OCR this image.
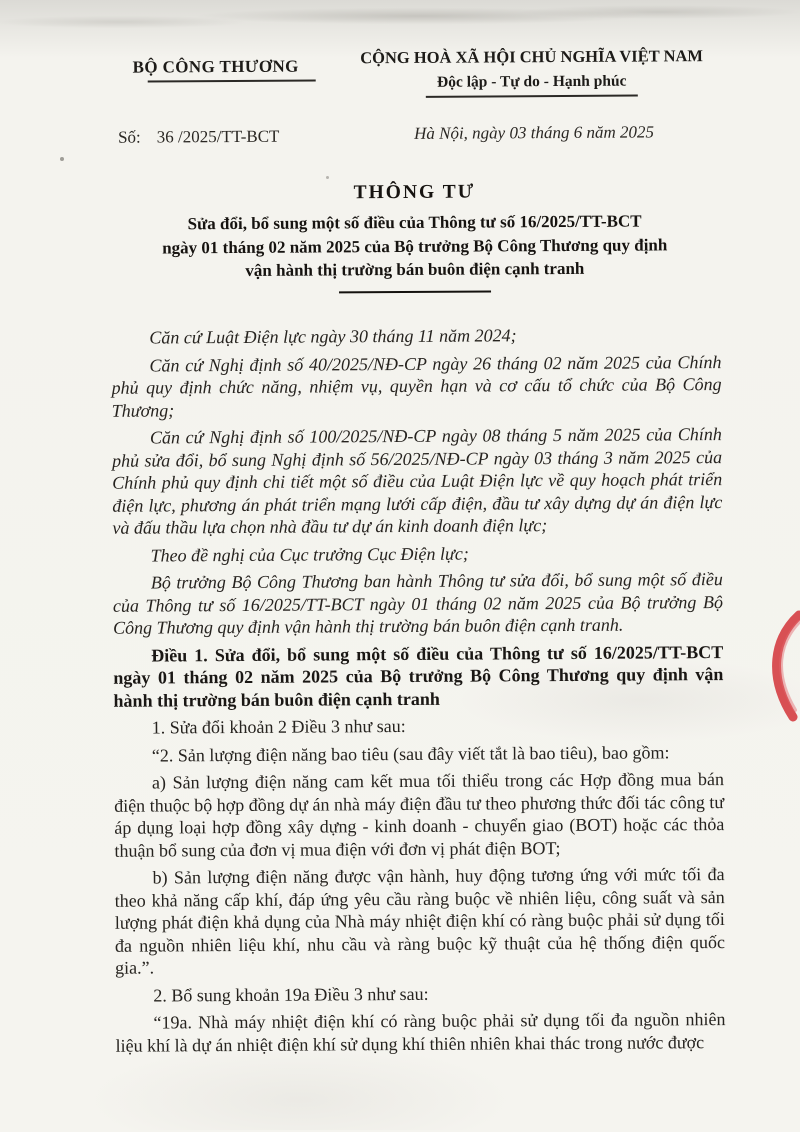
BỘ CÔNG THƯƠNG	CỘNG HOÀ XÃ HỘI CHỦ NGHĨA VIỆT NAM
Độc lập - Tự do - Hạnh phúc
Số: 36 /2025/TT-BCT	Hà Nội, ngày 03 tháng 6 năm 2025
THÔNG TƯ
Sửa đổi, bổ sung một số điều của Thông tư số 16/2025/TT-BCT
ngày 01 tháng 02 năm 2025 của Bộ trưởng Bộ Công Thương quy định
vận hành thị trường bán buôn điện cạnh tranh

Căn cứ Luật Điện lực ngày 30 tháng 11 năm 2024;

Căn cứ Nghị định số 40/2025/NĐ-CP ngày 26 tháng 02 năm 2025 của Chính phủ quy định chức năng, nhiệm vụ, quyền hạn và cơ cấu tổ chức của Bộ Công Thương;

Căn cứ Nghị định số 100/2025/NĐ-CP ngày 08 tháng 5 năm 2025 của Chính phủ sửa đổi, bổ sung Nghị định số 56/2025/NĐ-CP ngày 03 tháng 3 năm 2025 của Chính phủ quy định chi tiết một số điều của Luật Điện lực về quy hoạch phát triển điện lực, phương án phát triển mạng lưới cấp điện, đầu tư xây dựng dự án điện lực và đấu thầu lựa chọn nhà đầu tư dự án kinh doanh điện lực;

Theo đề nghị của Cục trưởng Cục Điện lực;

Bộ trưởng Bộ Công Thương ban hành Thông tư sửa đổi, bổ sung một số điều của Thông tư số 16/2025/TT-BCT ngày 01 tháng 02 năm 2025 của Bộ trưởng Bộ Công Thương quy định vận hành thị trường bán buôn điện cạnh tranh.

Điều 1. Sửa đổi, bổ sung một số điều của Thông tư số 16/2025/TT-BCT ngày 01 tháng 02 năm 2025 của Bộ trưởng Bộ Công Thương quy định vận hành thị trường bán buôn điện cạnh tranh

1. Sửa đổi khoản 2 Điều 3 như sau:

“2. Sản lượng điện năng bao tiêu (sau đây viết tắt là bao tiêu), bao gồm:

a) Sản lượng điện năng cam kết mua tối thiểu trong các Hợp đồng mua bán điện thuộc bộ hợp đồng dự án nhà máy điện đầu tư theo phương thức đối tác công tư áp dụng loại hợp đồng xây dựng - kinh doanh - chuyển giao (BOT) hoặc các thỏa thuận bổ sung của đơn vị mua điện với đơn vị phát điện BOT;

b) Sản lượng điện năng được vận hành, huy động tương ứng với mức tối đa theo khả năng cấp khí, đáp ứng yêu cầu ràng buộc về nhiên liệu, công suất và sản lượng phát điện khả dụng của Nhà máy nhiệt điện khí có ràng buộc phải sử dụng tối đa nguồn nhiên liệu khí, nhu cầu và ràng buộc kỹ thuật của hệ thống điện quốc gia.”.

2. Bổ sung khoản 19a Điều 3 như sau:

“19a. Nhà máy nhiệt điện khí có ràng buộc phải sử dụng tối đa nguồn nhiên liệu khí là dự án nhiệt điện khí sử dụng khí thiên nhiên khai thác trong nước được
